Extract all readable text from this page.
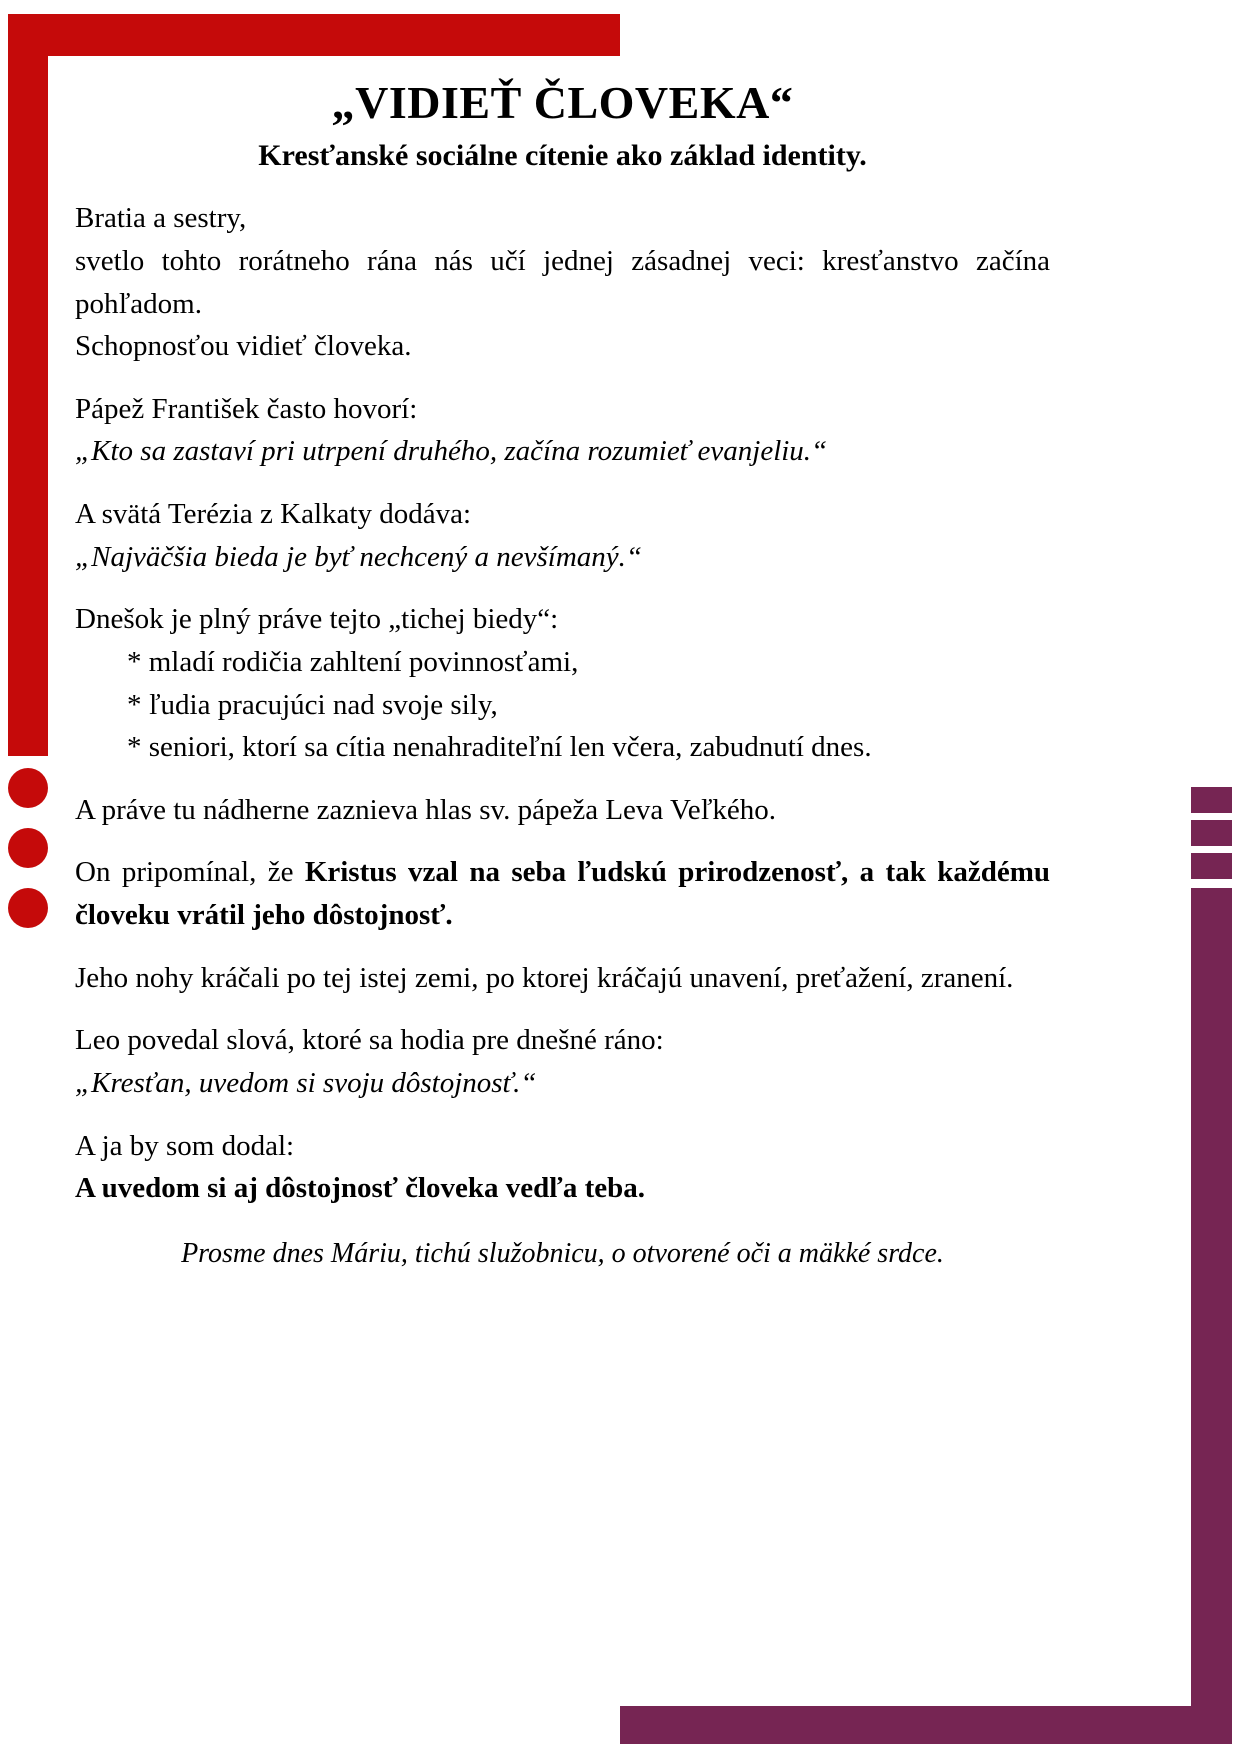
„VIDIEŤ ČLOVEKA“
Kresťanské sociálne cítenie ako základ identity.

Bratia a sestry,

svetlo tohto rorátneho rána nás učí jednej zásadnej veci: kresťanstvo začína pohľadom.

Schopnosťou vidieť človeka.

Pápež František často hovorí:

„Kto sa zastaví pri utrpení druhého, začína rozumieť evanjeliu.“

A svätá Terézia z Kalkaty dodáva:

„Najväčšia bieda je byť nechcený a nevšímaný.“

Dnešok je plný práve tejto „tichej biedy“:

* mladí rodičia zahltení povinnosťami,
* ľudia pracujúci nad svoje sily,
* seniori, ktorí sa cítia nenahraditeľní len včera, zabudnutí dnes.

A práve tu nádherne zaznieva hlas sv. pápeža Leva Veľkého.

On pripomínal, že Kristus vzal na seba ľudskú prirodzenosť, a tak každému človeku vrátil jeho dôstojnosť.

Jeho nohy kráčali po tej istej zemi, po ktorej kráčajú unavení, preťažení, zranení.

Leo povedal slová, ktoré sa hodia pre dnešné ráno:

„Kresťan, uvedom si svoju dôstojnosť.“

A ja by som dodal:

A uvedom si aj dôstojnosť človeka vedľa teba.

Prosme dnes Máriu, tichú služobnicu, o otvorené oči a mäkké srdce.
